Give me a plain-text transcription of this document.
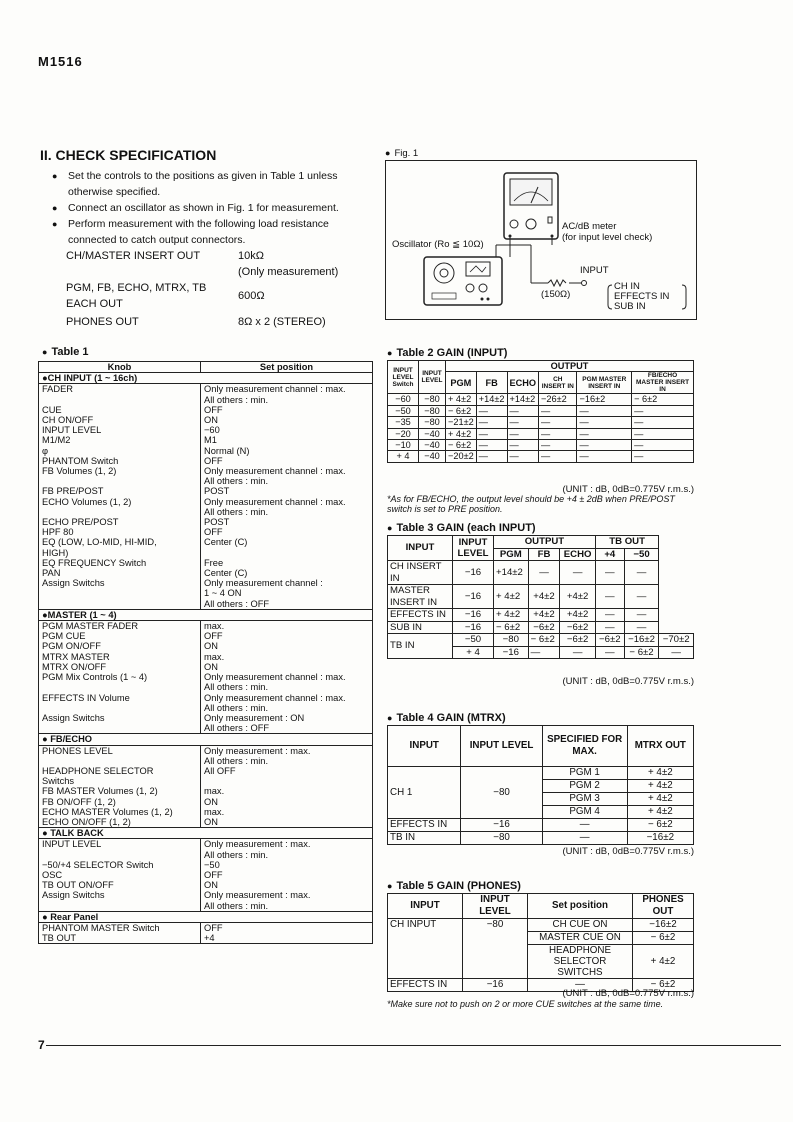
M1516
II. CHECK SPECIFICATION
● Set the controls to the positions as given in Table 1 unless otherwise specified.
● Connect an oscillator as shown in Fig. 1 for measurement.
● Perform measurement with the following load resistance connected to catch output connectors.
CH/MASTER INSERT OUT	10kΩ
	(Only measurement)
PGM, FB, ECHO, MTRX, TB EACH OUT	600Ω
PHONES OUT	8Ω x 2 (STEREO)
● Fig. 1
AC/dB meter
(for input level check)
Oscillator (Ro ≦ 10Ω)
INPUT
(150Ω)
CH IN
EFFECTS IN
SUB IN
● Table 1
Knob	Set position
●CH INPUT (1 ~ 16ch)	
FADER	Only measurement channel : max.
	All others : min.
CUE	OFF
CH ON/OFF	ON
INPUT LEVEL	−60
M1/M2	M1
φ	Normal (N)
PHANTOM Switch	OFF
FB Volumes (1, 2)	Only measurement channel : max.
	All others : min.
FB PRE/POST	POST
ECHO Volumes (1, 2)	Only measurement channel : max.
	All others : min.
ECHO PRE/POST	POST
HPF 80	OFF
EQ (LOW, LO-MID, HI-MID,	Center (C)
HIGH)	
EQ FREQUENCY Switch	Free
PAN	Center (C)
Assign Switchs	Only measurement channel :
	1 ~ 4 ON
	All others : OFF
●MASTER (1 ~ 4)	
PGM MASTER FADER	max.
PGM CUE	OFF
PGM ON/OFF	ON
MTRX MASTER	max.
MTRX ON/OFF	ON
PGM Mix Controls (1 ~ 4)	Only measurement channel : max.
	All others : min.
EFFECTS IN Volume	Only measurement channel : max.
	All others : min.
Assign Switchs	Only measurement : ON
	All others : OFF
● FB/ECHO	
PHONES LEVEL	Only measurement : max.
	All others : min.
HEADPHONE SELECTOR	All OFF
Switchs	
FB MASTER Volumes (1, 2)	max.
FB ON/OFF (1, 2)	ON
ECHO MASTER Volumes (1, 2)	max.
ECHO ON/OFF (1, 2)	ON
● TALK BACK	
INPUT LEVEL	Only measurement : max.
	All others : min.
−50/+4 SELECTOR Switch	−50
OSC	OFF
TB OUT ON/OFF	ON
Assign Switchs	Only measurement : max.
	All others : min.
● Rear Panel	
PHANTOM MASTER Switch	OFF
TB OUT	+4
● Table 2 GAIN (INPUT)
INPUT LEVEL Switch	INPUT LEVEL	OUTPUT					
		PGM	FB	ECHO	CH INSERT IN	PGM MASTER INSERT IN	FB/ECHO MASTER INSERT IN
−60	−80	+ 4±2	+14±2	+14±2	−26±2	−16±2	− 6±2
−50	−80	− 6±2	—	—	—	—	—
−35	−80	−21±2	—	—	—	—	—
−20	−40	+ 4±2	—	—	—	—	—
−10	−40	− 6±2	—	—	—	—	—
+ 4	−40	−20±2	—	—	—	—	—
(UNIT : dB, 0dB=0.775V r.m.s.)
*As for FB/ECHO, the output level should be +4 ± 2dB when PRE/POST switch is set to PRE position.
● Table 3 GAIN (each INPUT)
INPUT	INPUT LEVEL	OUTPUT			TB OUT		
		PGM	FB	ECHO	+4	−50	
CH INSERT IN	−16	+14±2	—	—	—	—	
MASTER INSERT IN	−16	+ 4±2	+4±2	+4±2	—	—	
EFFECTS IN	−16	+ 4±2	+4±2	+4±2	—	—	
SUB IN	−16	− 6±2	−6±2	−6±2	—	—	
TB IN	−50	−80	− 6±2	−6±2	−6±2	−16±2	−70±2
	+ 4	−16	—	—	—	− 6±2	—
(UNIT : dB, 0dB=0.775V r.m.s.)
● Table 4 GAIN (MTRX)
INPUT	INPUT LEVEL	SPECIFIED FOR MAX.	MTRX OUT
CH 1	−80	PGM 1	+ 4±2
		PGM 2	+ 4±2
		PGM 3	+ 4±2
		PGM 4	+ 4±2
EFFECTS IN	−16	—	− 6±2
TB IN	−80	—	−16±2
(UNIT : dB, 0dB=0.775V r.m.s.)
● Table 5 GAIN (PHONES)
INPUT	INPUT LEVEL	Set position	PHONES OUT
CH INPUT	−80	CH CUE ON	−16±2
		MASTER CUE ON	− 6±2
		HEADPHONE SELECTOR SWITCHS	+ 4±2
EFFECTS IN	−16	—	− 6±2
(UNIT : dB, 0dB=0.775V r.m.s.)
*Make sure not to push on 2 or more CUE switches at the same time.
7
